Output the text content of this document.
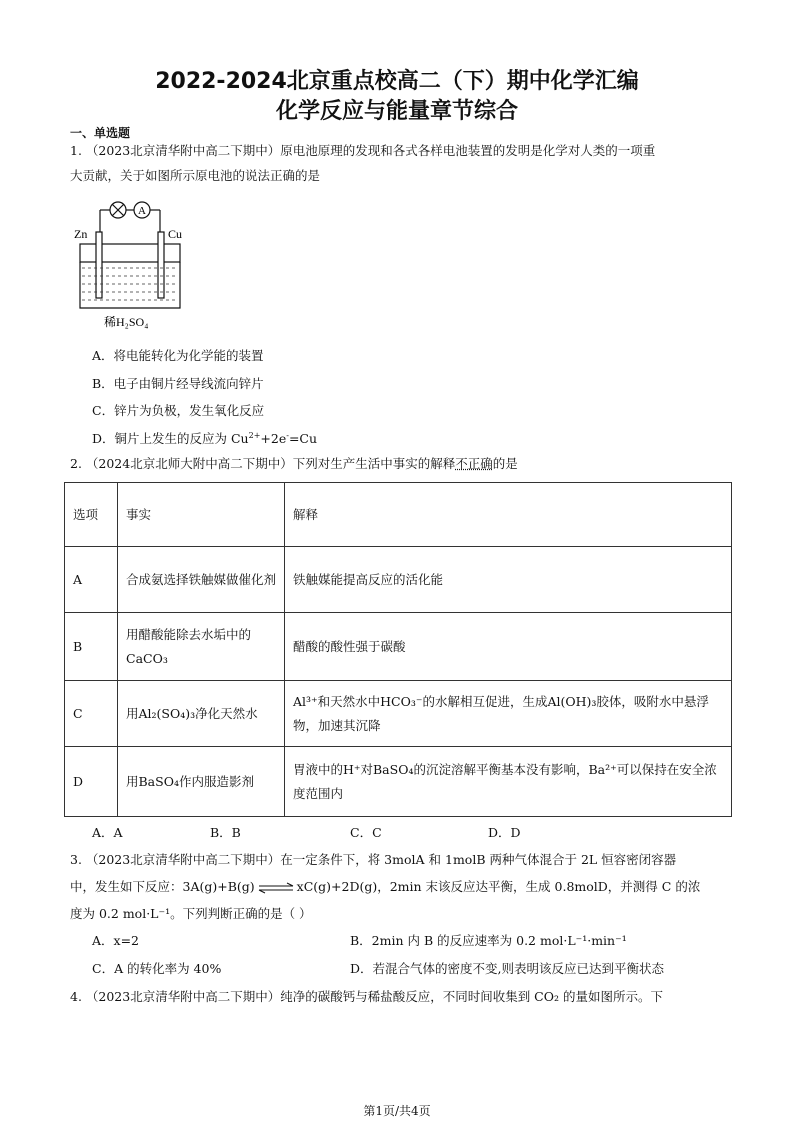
2022-2024北京重点校高二（下）期中化学汇编
化学反应与能量章节综合
一、单选题
1. （2023北京清华附中高二下期中）原电池原理的发现和各式各样电池装置的发明是化学对人类的一项重
大贡献，关于如图所示原电池的说法正确的是
A
Zn	Cu
稀H₂SO₄
A．将电能转化为化学能的装置
B．电子由铜片经导线流向锌片
C．锌片为负极，发生氧化反应
D．铜片上发生的反应为 $Cu^{2+}+2e^-=Cu$
2. （2024北京北师大附中高二下期中）下列对生产生活中事实的解释不正确的是
选项	事实	解释
A	合成氨选择铁触媒做催化剂	铁触媒能提高反应的活化能
B	用醋酸能除去水垢中的CaCO₃	醋酸的酸性强于碳酸
C	用Al₂(SO₄)₃净化天然水	Al³⁺和天然水中HCO₃⁻的水解相互促进，生成Al(OH)₃胶体，吸附水中悬浮物，加速其沉降
D	用BaSO₄作内服造影剂	胃液中的H⁺对BaSO₄的沉淀溶解平衡基本没有影响，Ba²⁺可以保持在安全浓度范围内
A．A	B．B	C．C	D．D
3. （2023北京清华附中高二下期中）在一定条件下，将 3molA 和 1molB 两种气体混合于 2L 恒容密闭容器
中，发生如下反应：3A(g)+B(g) ⇌ xC(g)+2D(g)，2min 末该反应达平衡，生成 0.8molD，并测得 C 的浓
度为 0.2 mol·L⁻¹。下列判断正确的是（ ）
A．x=2	B．2min 内 B 的反应速率为 0.2 mol·L⁻¹·min⁻¹
C．A 的转化率为 40%	D．若混合气体的密度不变,则表明该反应已达到平衡状态
4. （2023北京清华附中高二下期中）纯净的碳酸钙与稀盐酸反应，不同时间收集到 CO₂ 的量如图所示。下
第1页/共4页
